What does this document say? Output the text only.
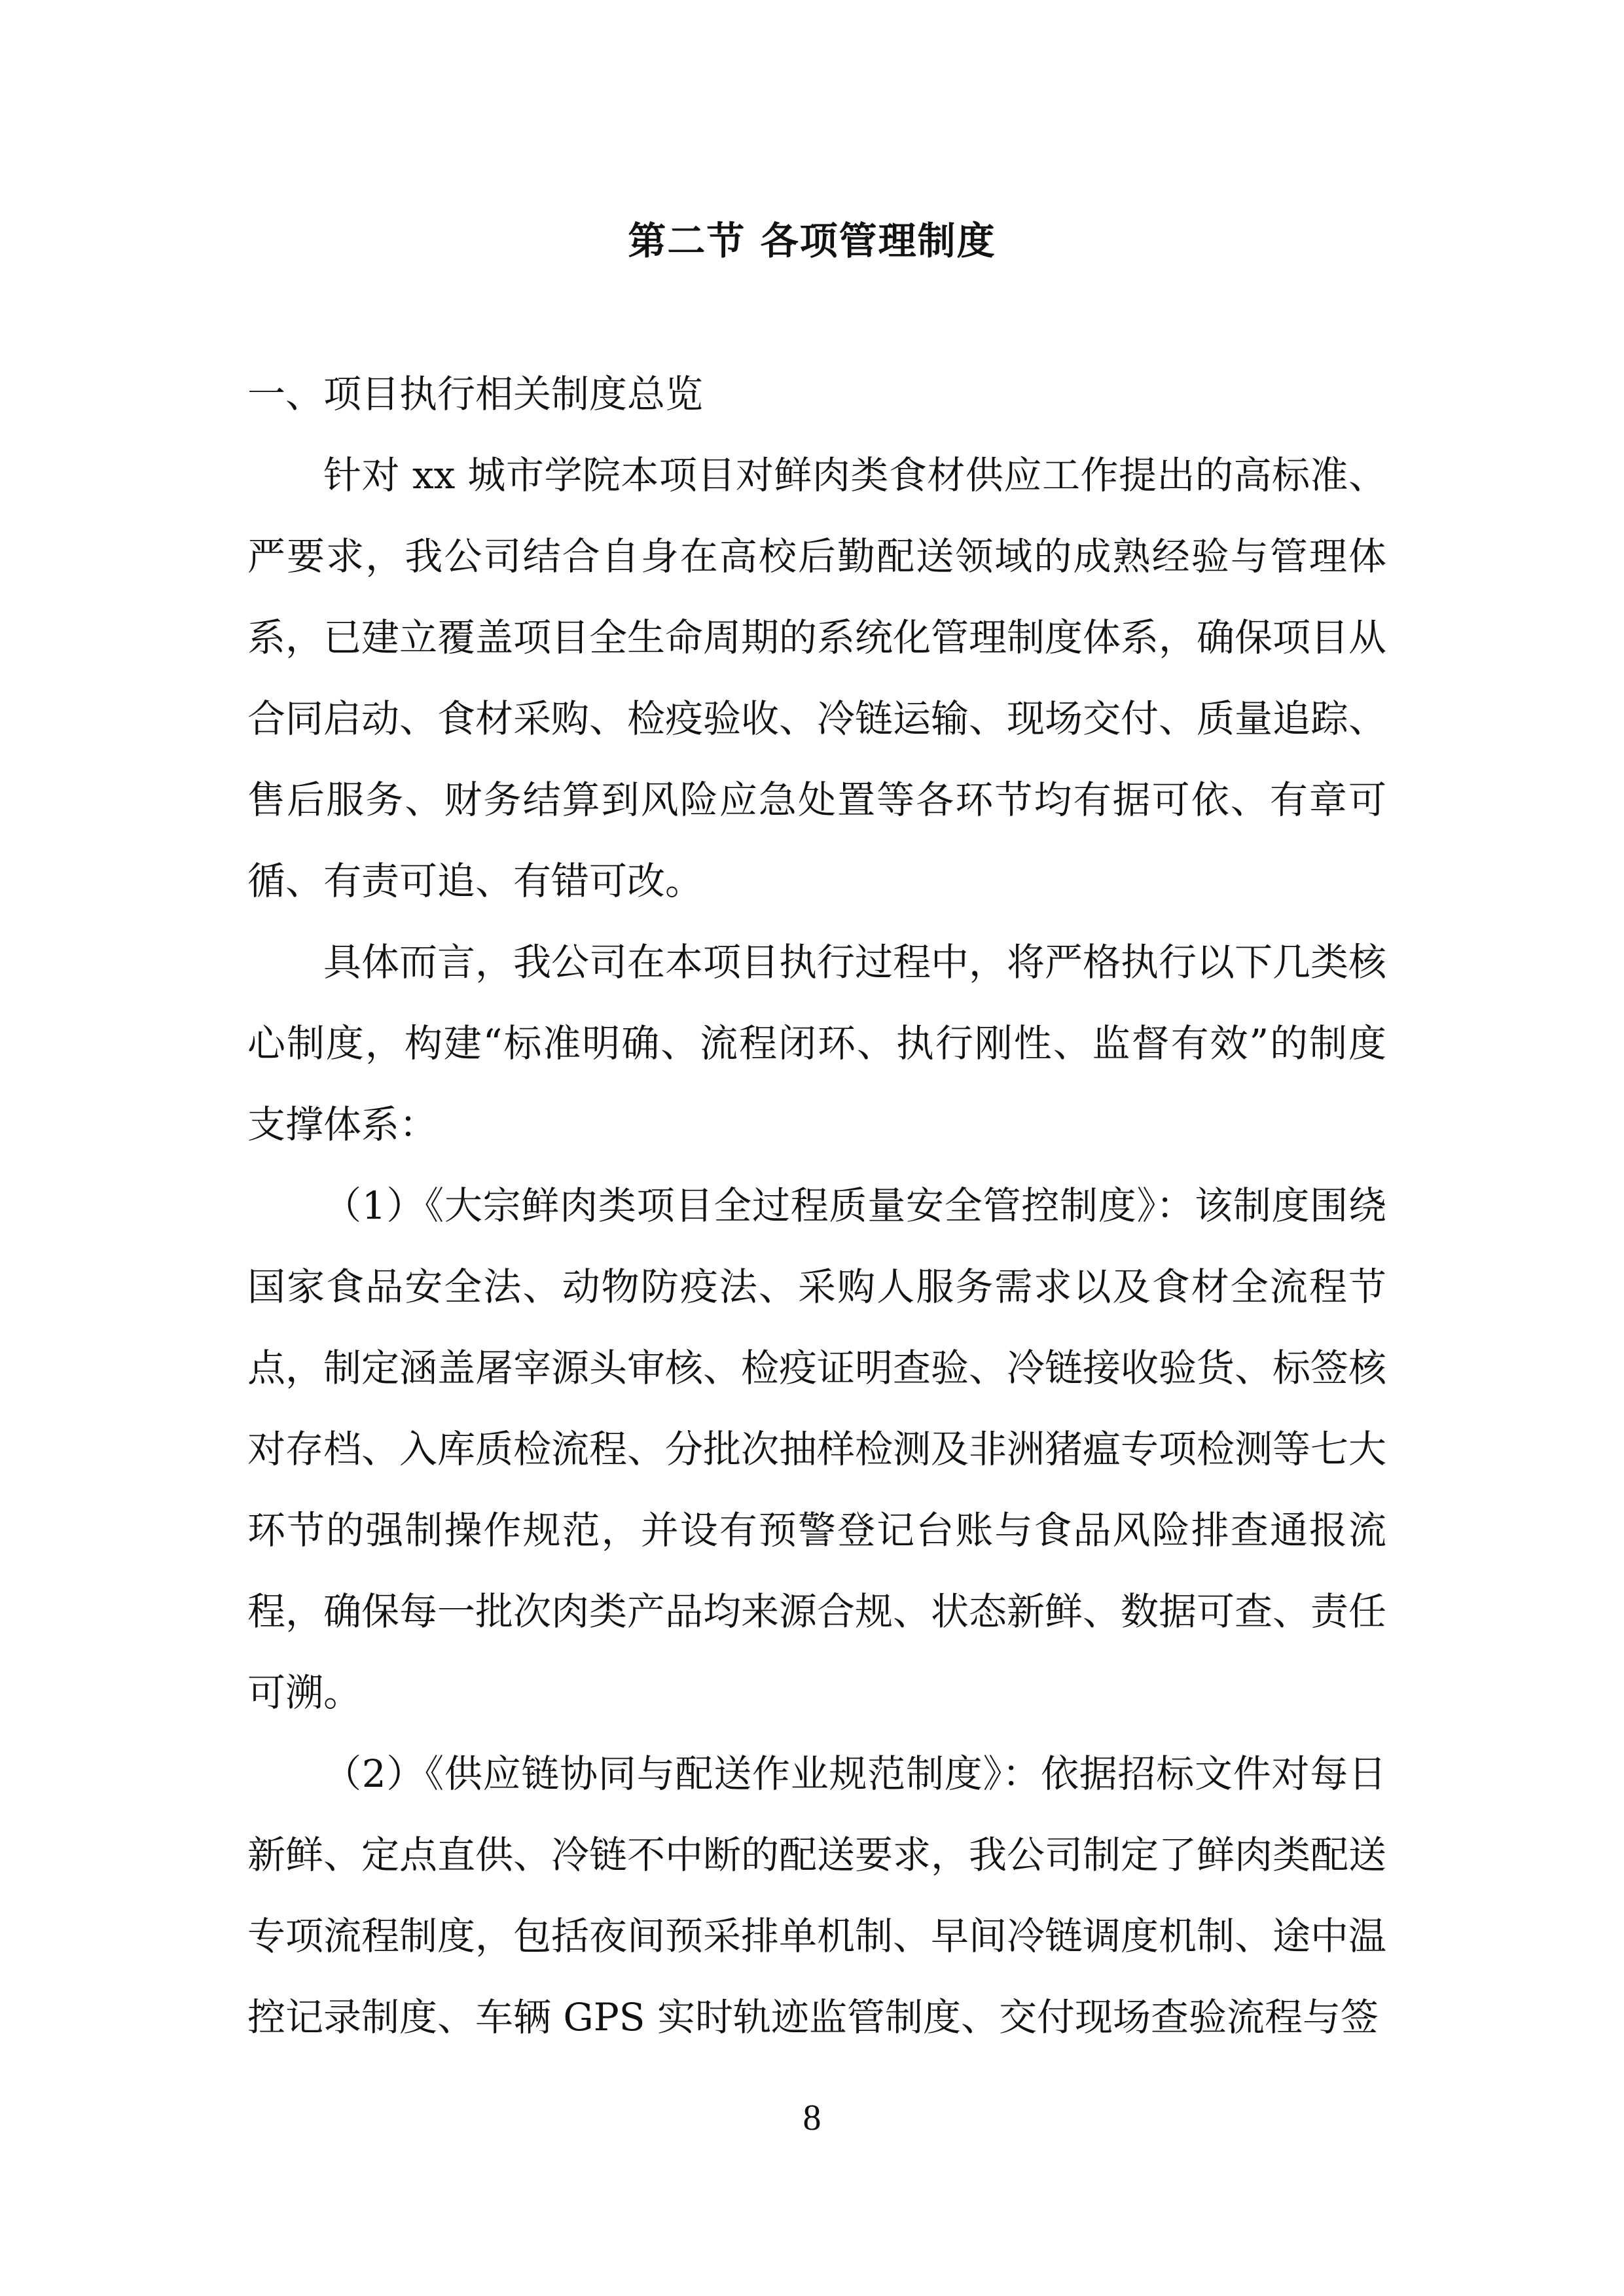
第二节 各项管理制度

一、项目执行相关制度总览

针对 xx 城市学院本项目对鲜肉类食材供应工作提出的高标准、严要求，我公司结合自身在高校后勤配送领域的成熟经验与管理体系，已建立覆盖项目全生命周期的系统化管理制度体系，确保项目从合同启动、食材采购、检疫验收、冷链运输、现场交付、质量追踪、售后服务、财务结算到风险应急处置等各环节均有据可依、有章可循、有责可追、有错可改。

具体而言，我公司在本项目执行过程中，将严格执行以下几类核心制度，构建“标准明确、流程闭环、执行刚性、监督有效”的制度支撑体系：

（1）《大宗鲜肉类项目全过程质量安全管控制度》：该制度围绕国家食品安全法、动物防疫法、采购人服务需求以及食材全流程节点，制定涵盖屠宰源头审核、检疫证明查验、冷链接收验货、标签核对存档、入库质检流程、分批次抽样检测及非洲猪瘟专项检测等七大环节的强制操作规范，并设有预警登记台账与食品风险排查通报流程，确保每一批次肉类产品均来源合规、状态新鲜、数据可查、责任可溯。

（2）《供应链协同与配送作业规范制度》：依据招标文件对每日新鲜、定点直供、冷链不中断的配送要求，我公司制定了鲜肉类配送专项流程制度，包括夜间预采排单机制、早间冷链调度机制、途中温控记录制度、车辆 GPS 实时轨迹监管制度、交付现场查验流程与签

8
